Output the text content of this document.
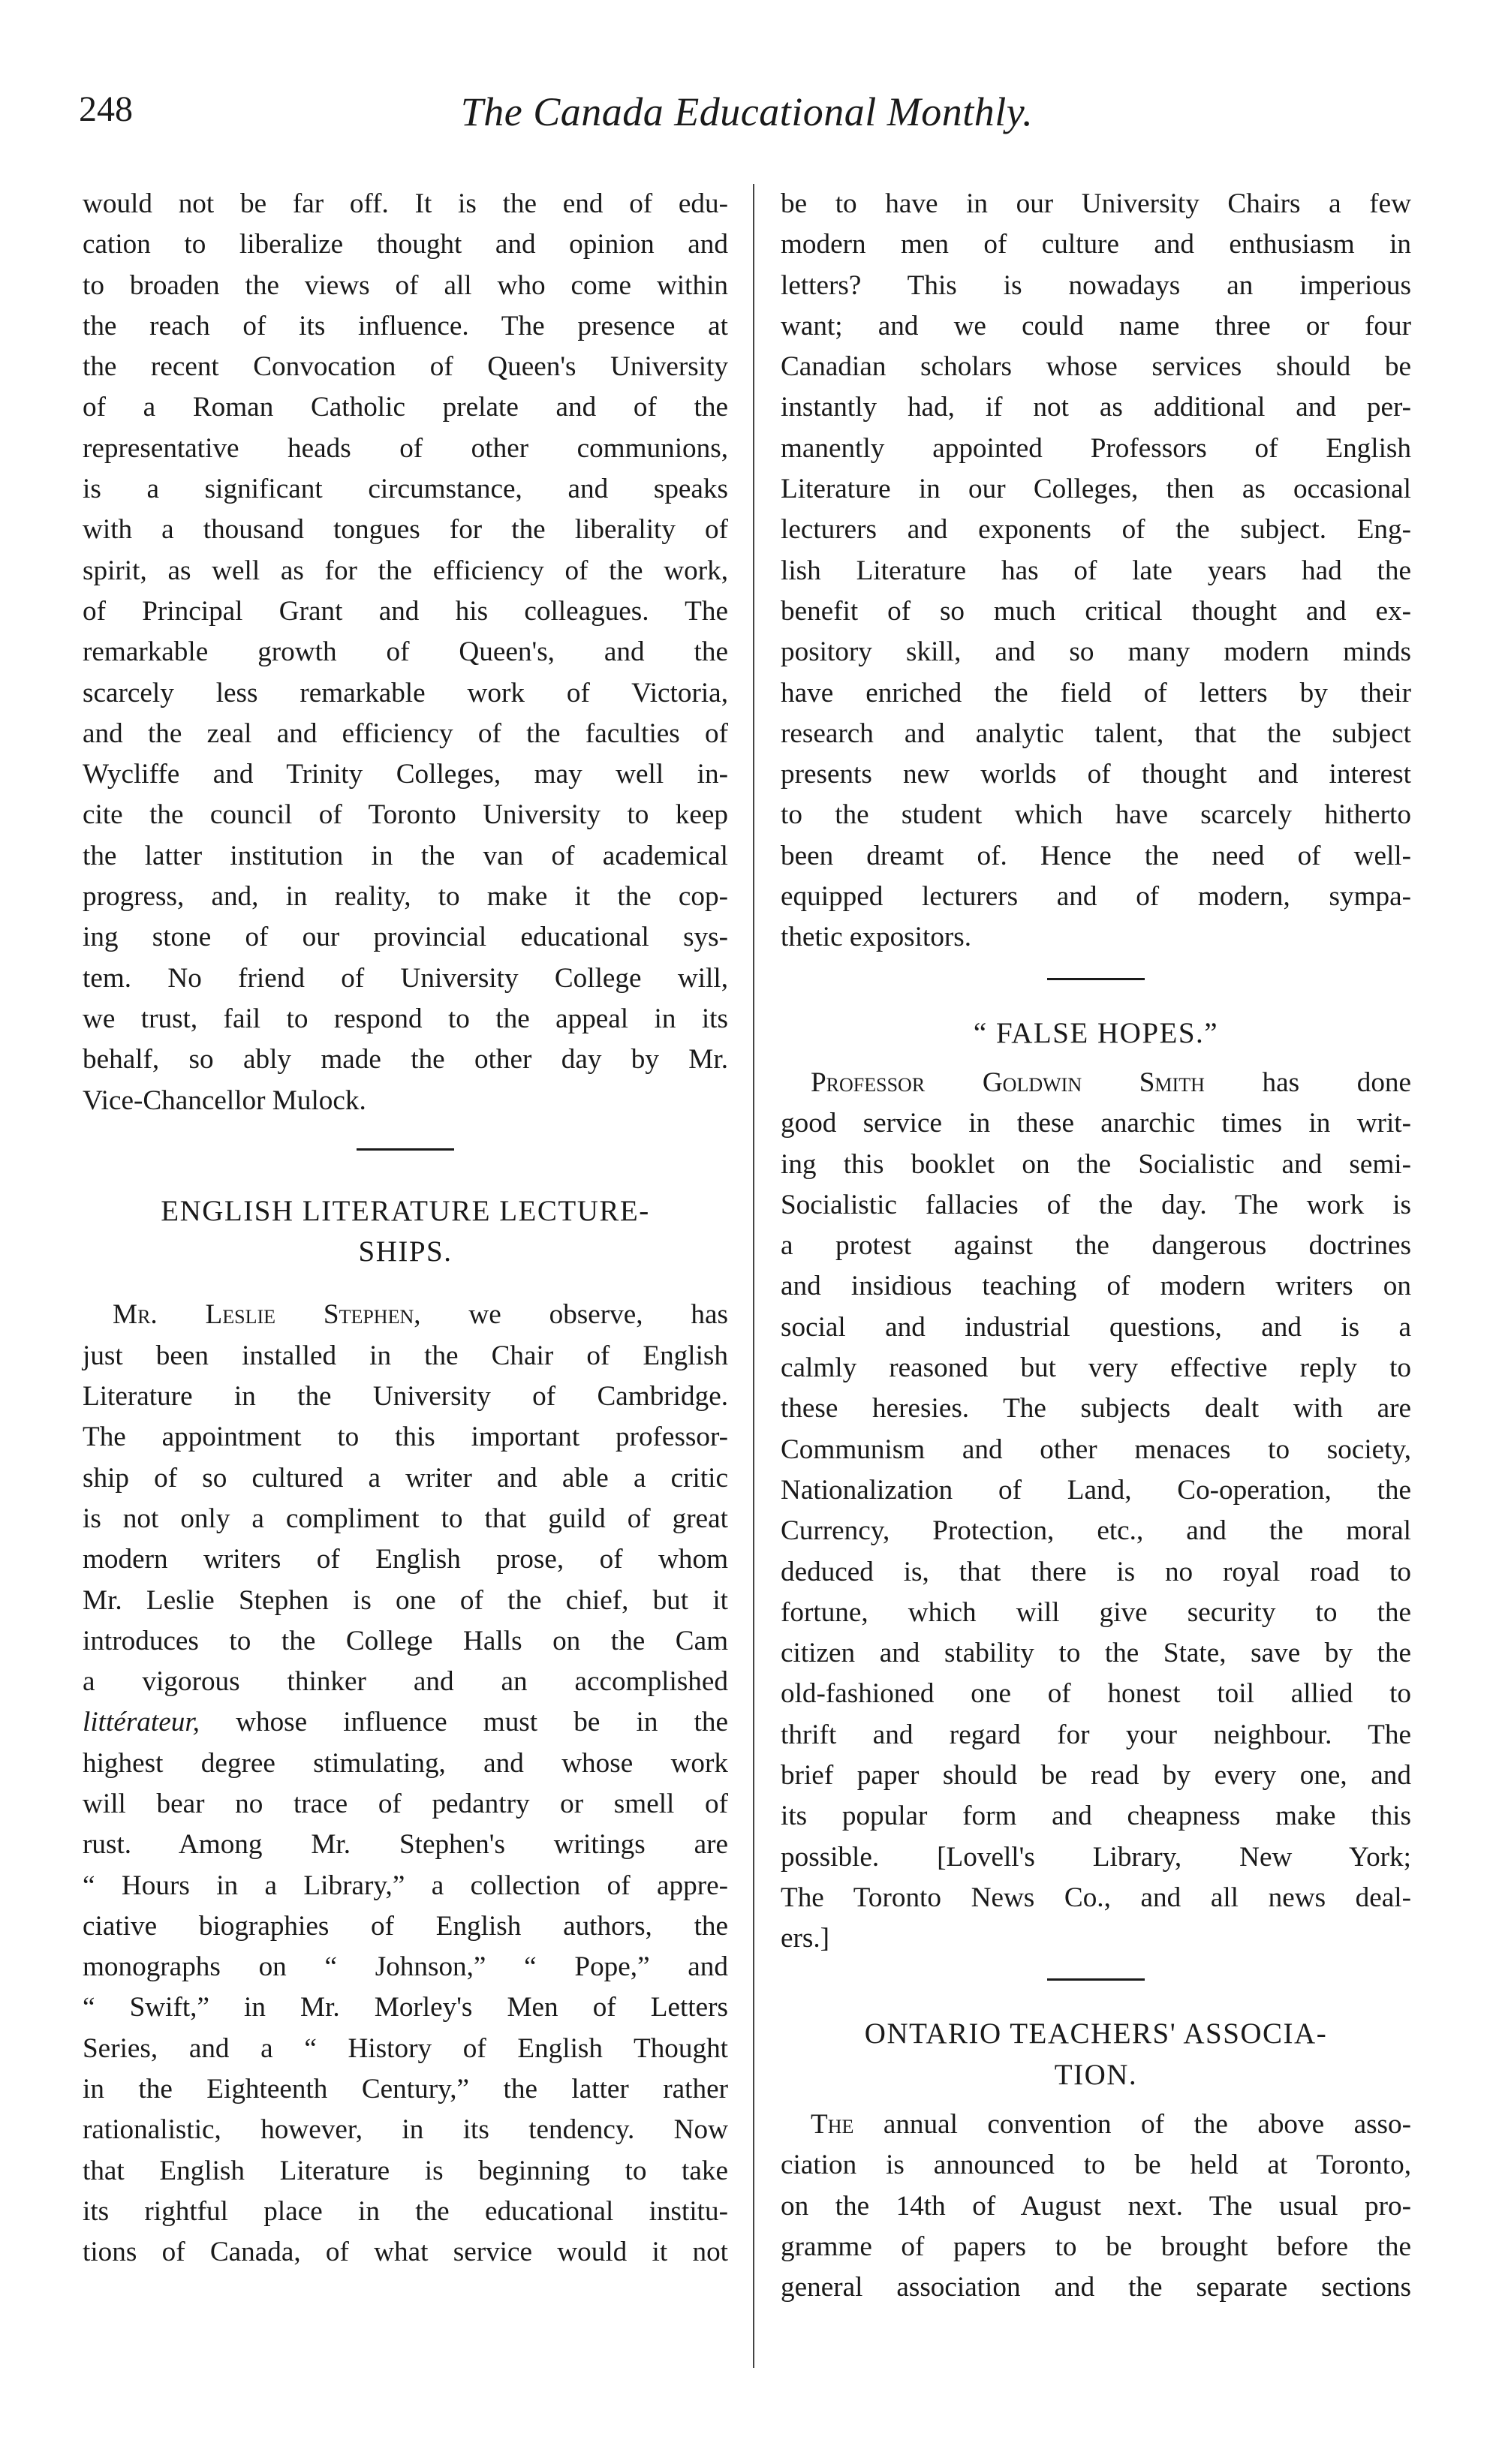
248	The Canada Educational Monthly.
would not be far off. It is the end of edu-
cation to liberalize thought and opinion and
to broaden the views of all who come within
the reach of its influence. The presence at
the recent Convocation of Queen's University
of a Roman Catholic prelate and of the
representative heads of other communions,
is a significant circumstance, and speaks
with a thousand tongues for the liberality of
spirit, as well as for the efficiency of the work,
of Principal Grant and his colleagues. The
remarkable growth of Queen's, and the
scarcely less remarkable work of Victoria,
and the zeal and efficiency of the faculties of
Wycliffe and Trinity Colleges, may well in-
cite the council of Toronto University to keep
the latter institution in the van of academical
progress, and, in reality, to make it the cop-
ing stone of our provincial educational sys-
tem. No friend of University College will,
we trust, fail to respond to the appeal in its
behalf, so ably made the other day by Mr.
Vice-Chancellor Mulock.
ENGLISH LITERATURE LECTURE-
SHIPS.
Mr. Leslie Stephen, we observe, has
just been installed in the Chair of English
Literature in the University of Cambridge.
The appointment to this important professor-
ship of so cultured a writer and able a critic
is not only a compliment to that guild of great
modern writers of English prose, of whom
Mr. Leslie Stephen is one of the chief, but it
introduces to the College Halls on the Cam
a vigorous thinker and an accomplished
littérateur, whose influence must be in the
highest degree stimulating, and whose work
will bear no trace of pedantry or smell of
rust. Among Mr. Stephen's writings are
“ Hours in a Library,” a collection of appre-
ciative biographies of English authors, the
monographs on “ Johnson,” “ Pope,” and
“ Swift,” in Mr. Morley's Men of Letters
Series, and a “ History of English Thought
in the Eighteenth Century,” the latter rather
rationalistic, however, in its tendency. Now
that English Literature is beginning to take
its rightful place in the educational institu-
tions of Canada, of what service would it not
be to have in our University Chairs a few
modern men of culture and enthusiasm in
letters? This is nowadays an imperious
want; and we could name three or four
Canadian scholars whose services should be
instantly had, if not as additional and per-
manently appointed Professors of English
Literature in our Colleges, then as occasional
lecturers and exponents of the subject. Eng-
lish Literature has of late years had the
benefit of so much critical thought and ex-
pository skill, and so many modern minds
have enriched the field of letters by their
research and analytic talent, that the subject
presents new worlds of thought and interest
to the student which have scarcely hitherto
been dreamt of. Hence the need of well-
equipped lecturers and of modern, sympa-
thetic expositors.
“ FALSE HOPES.”
Professor Goldwin Smith has done
good service in these anarchic times in writ-
ing this booklet on the Socialistic and semi-
Socialistic fallacies of the day. The work is
a protest against the dangerous doctrines
and insidious teaching of modern writers on
social and industrial questions, and is a
calmly reasoned but very effective reply to
these heresies. The subjects dealt with are
Communism and other menaces to society,
Nationalization of Land, Co-operation, the
Currency, Protection, etc., and the moral
deduced is, that there is no royal road to
fortune, which will give security to the
citizen and stability to the State, save by the
old-fashioned one of honest toil allied to
thrift and regard for your neighbour. The
brief paper should be read by every one, and
its popular form and cheapness make this
possible. [Lovell's Library, New York;
The Toronto News Co., and all news deal-
ers.]
ONTARIO TEACHERS' ASSOCIA-
TION.
The annual convention of the above asso-
ciation is announced to be held at Toronto,
on the 14th of August next. The usual pro-
gramme of papers to be brought before the
general association and the separate sections
